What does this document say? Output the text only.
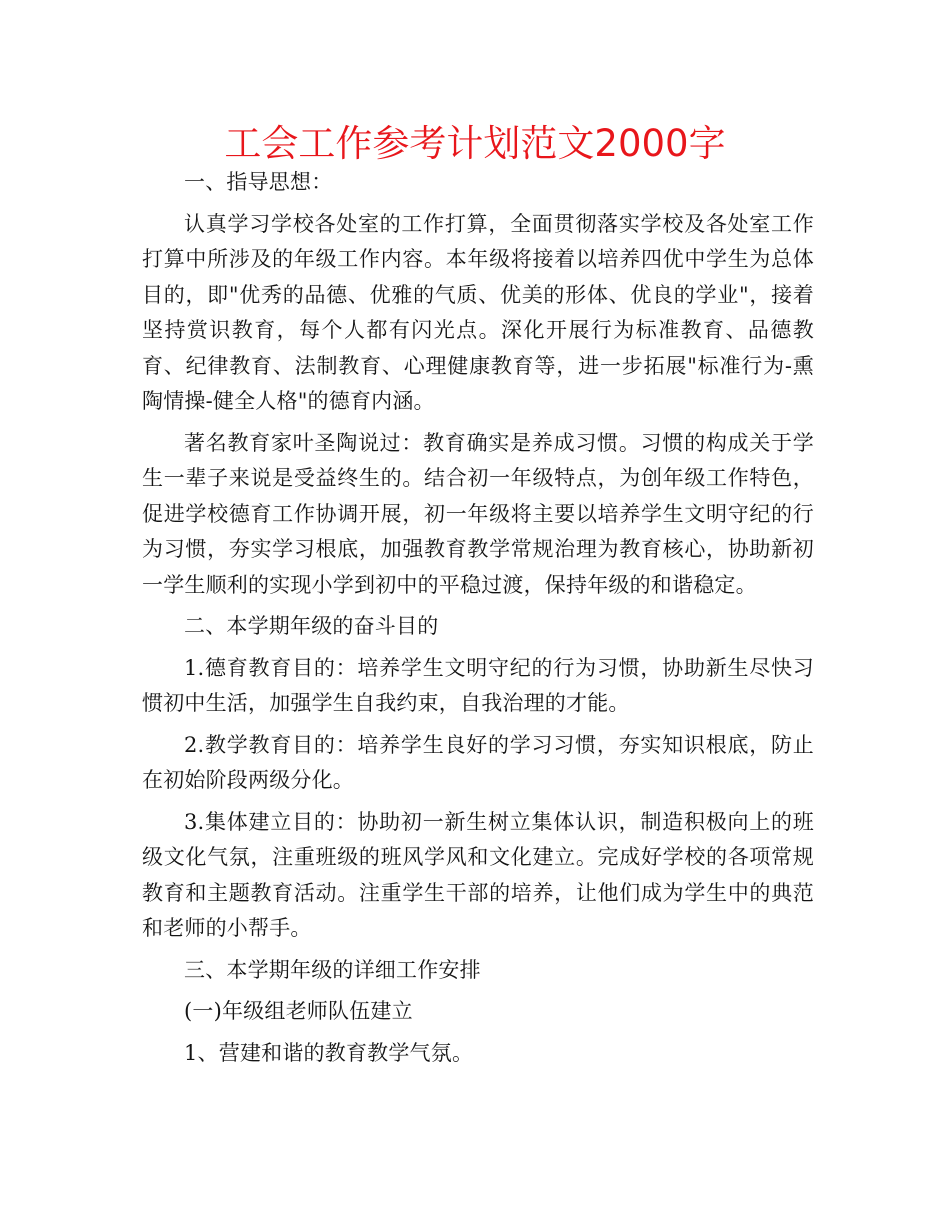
工会工作参考计划范文2000字

一、指导思想：

认真学习学校各处室的工作打算，全面贯彻落实学校及各处室工作打算中所涉及的年级工作内容。本年级将接着以培养四优中学生为总体目的，即"优秀的品德、优雅的气质、优美的形体、优良的学业"，接着坚持赏识教育，每个人都有闪光点。深化开展行为标准教育、品德教育、纪律教育、法制教育、心理健康教育等，进一步拓展"标准行为-熏陶情操-健全人格"的德育内涵。

著名教育家叶圣陶说过：教育确实是养成习惯。习惯的构成关于学生一辈子来说是受益终生的。结合初一年级特点，为创年级工作特色，促进学校德育工作协调开展，初一年级将主要以培养学生文明守纪的行为习惯，夯实学习根底，加强教育教学常规治理为教育核心，协助新初一学生顺利的实现小学到初中的平稳过渡，保持年级的和谐稳定。

二、本学期年级的奋斗目的

1.德育教育目的：培养学生文明守纪的行为习惯，协助新生尽快习惯初中生活，加强学生自我约束，自我治理的才能。

2.教学教育目的：培养学生良好的学习习惯，夯实知识根底，防止在初始阶段两级分化。

3.集体建立目的：协助初一新生树立集体认识，制造积极向上的班级文化气氛，注重班级的班风学风和文化建立。完成好学校的各项常规教育和主题教育活动。注重学生干部的培养，让他们成为学生中的典范和老师的小帮手。

三、本学期年级的详细工作安排

(一)年级组老师队伍建立

1、营建和谐的教育教学气氛。
